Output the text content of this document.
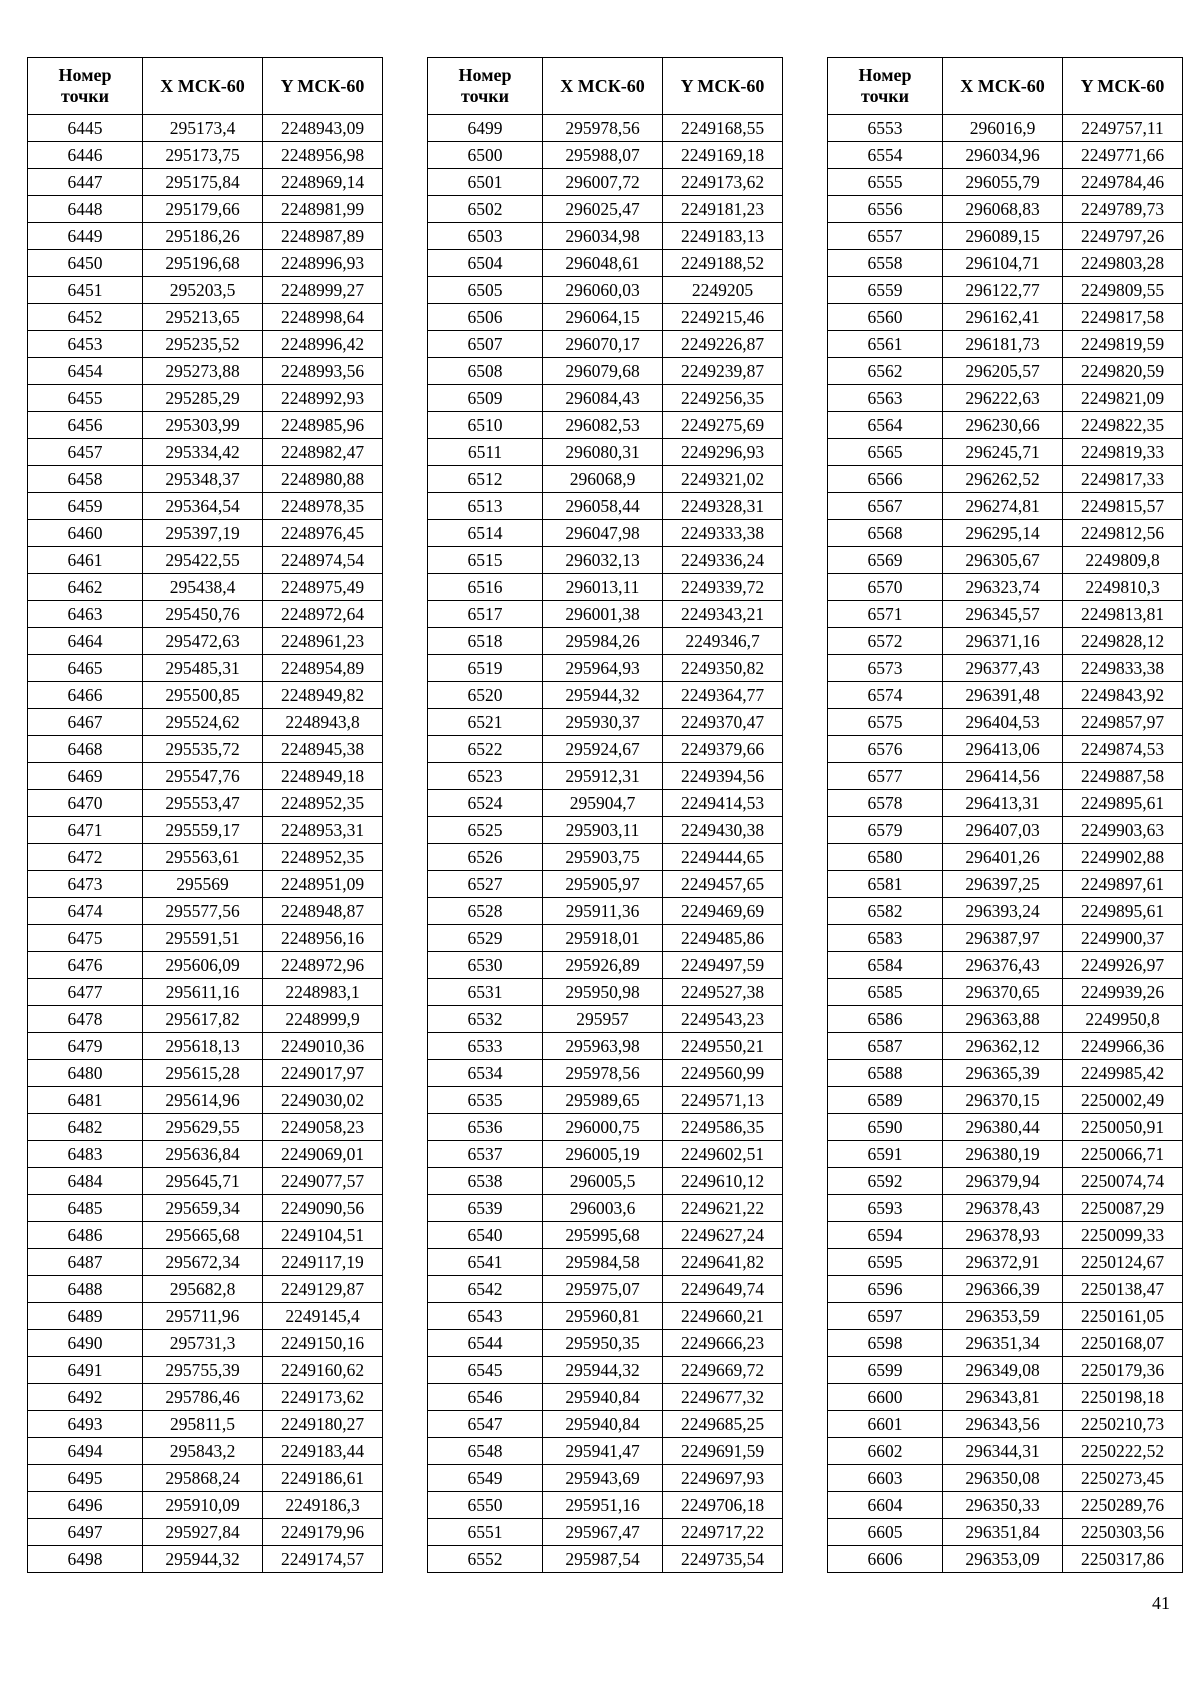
Номер
точки	X МСК-60	Y МСК-60
6445	295173,4	2248943,09
6446	295173,75	2248956,98
6447	295175,84	2248969,14
6448	295179,66	2248981,99
6449	295186,26	2248987,89
6450	295196,68	2248996,93
6451	295203,5	2248999,27
6452	295213,65	2248998,64
6453	295235,52	2248996,42
6454	295273,88	2248993,56
6455	295285,29	2248992,93
6456	295303,99	2248985,96
6457	295334,42	2248982,47
6458	295348,37	2248980,88
6459	295364,54	2248978,35
6460	295397,19	2248976,45
6461	295422,55	2248974,54
6462	295438,4	2248975,49
6463	295450,76	2248972,64
6464	295472,63	2248961,23
6465	295485,31	2248954,89
6466	295500,85	2248949,82
6467	295524,62	2248943,8
6468	295535,72	2248945,38
6469	295547,76	2248949,18
6470	295553,47	2248952,35
6471	295559,17	2248953,31
6472	295563,61	2248952,35
6473	295569	2248951,09
6474	295577,56	2248948,87
6475	295591,51	2248956,16
6476	295606,09	2248972,96
6477	295611,16	2248983,1
6478	295617,82	2248999,9
6479	295618,13	2249010,36
6480	295615,28	2249017,97
6481	295614,96	2249030,02
6482	295629,55	2249058,23
6483	295636,84	2249069,01
6484	295645,71	2249077,57
6485	295659,34	2249090,56
6486	295665,68	2249104,51
6487	295672,34	2249117,19
6488	295682,8	2249129,87
6489	295711,96	2249145,4
6490	295731,3	2249150,16
6491	295755,39	2249160,62
6492	295786,46	2249173,62
6493	295811,5	2249180,27
6494	295843,2	2249183,44
6495	295868,24	2249186,61
6496	295910,09	2249186,3
6497	295927,84	2249179,96
6498	295944,32	2249174,57
Номер
точки	X МСК-60	Y МСК-60
6499	295978,56	2249168,55
6500	295988,07	2249169,18
6501	296007,72	2249173,62
6502	296025,47	2249181,23
6503	296034,98	2249183,13
6504	296048,61	2249188,52
6505	296060,03	2249205
6506	296064,15	2249215,46
6507	296070,17	2249226,87
6508	296079,68	2249239,87
6509	296084,43	2249256,35
6510	296082,53	2249275,69
6511	296080,31	2249296,93
6512	296068,9	2249321,02
6513	296058,44	2249328,31
6514	296047,98	2249333,38
6515	296032,13	2249336,24
6516	296013,11	2249339,72
6517	296001,38	2249343,21
6518	295984,26	2249346,7
6519	295964,93	2249350,82
6520	295944,32	2249364,77
6521	295930,37	2249370,47
6522	295924,67	2249379,66
6523	295912,31	2249394,56
6524	295904,7	2249414,53
6525	295903,11	2249430,38
6526	295903,75	2249444,65
6527	295905,97	2249457,65
6528	295911,36	2249469,69
6529	295918,01	2249485,86
6530	295926,89	2249497,59
6531	295950,98	2249527,38
6532	295957	2249543,23
6533	295963,98	2249550,21
6534	295978,56	2249560,99
6535	295989,65	2249571,13
6536	296000,75	2249586,35
6537	296005,19	2249602,51
6538	296005,5	2249610,12
6539	296003,6	2249621,22
6540	295995,68	2249627,24
6541	295984,58	2249641,82
6542	295975,07	2249649,74
6543	295960,81	2249660,21
6544	295950,35	2249666,23
6545	295944,32	2249669,72
6546	295940,84	2249677,32
6547	295940,84	2249685,25
6548	295941,47	2249691,59
6549	295943,69	2249697,93
6550	295951,16	2249706,18
6551	295967,47	2249717,22
6552	295987,54	2249735,54
Номер
точки	X МСК-60	Y МСК-60
6553	296016,9	2249757,11
6554	296034,96	2249771,66
6555	296055,79	2249784,46
6556	296068,83	2249789,73
6557	296089,15	2249797,26
6558	296104,71	2249803,28
6559	296122,77	2249809,55
6560	296162,41	2249817,58
6561	296181,73	2249819,59
6562	296205,57	2249820,59
6563	296222,63	2249821,09
6564	296230,66	2249822,35
6565	296245,71	2249819,33
6566	296262,52	2249817,33
6567	296274,81	2249815,57
6568	296295,14	2249812,56
6569	296305,67	2249809,8
6570	296323,74	2249810,3
6571	296345,57	2249813,81
6572	296371,16	2249828,12
6573	296377,43	2249833,38
6574	296391,48	2249843,92
6575	296404,53	2249857,97
6576	296413,06	2249874,53
6577	296414,56	2249887,58
6578	296413,31	2249895,61
6579	296407,03	2249903,63
6580	296401,26	2249902,88
6581	296397,25	2249897,61
6582	296393,24	2249895,61
6583	296387,97	2249900,37
6584	296376,43	2249926,97
6585	296370,65	2249939,26
6586	296363,88	2249950,8
6587	296362,12	2249966,36
6588	296365,39	2249985,42
6589	296370,15	2250002,49
6590	296380,44	2250050,91
6591	296380,19	2250066,71
6592	296379,94	2250074,74
6593	296378,43	2250087,29
6594	296378,93	2250099,33
6595	296372,91	2250124,67
6596	296366,39	2250138,47
6597	296353,59	2250161,05
6598	296351,34	2250168,07
6599	296349,08	2250179,36
6600	296343,81	2250198,18
6601	296343,56	2250210,73
6602	296344,31	2250222,52
6603	296350,08	2250273,45
6604	296350,33	2250289,76
6605	296351,84	2250303,56
6606	296353,09	2250317,86
41
